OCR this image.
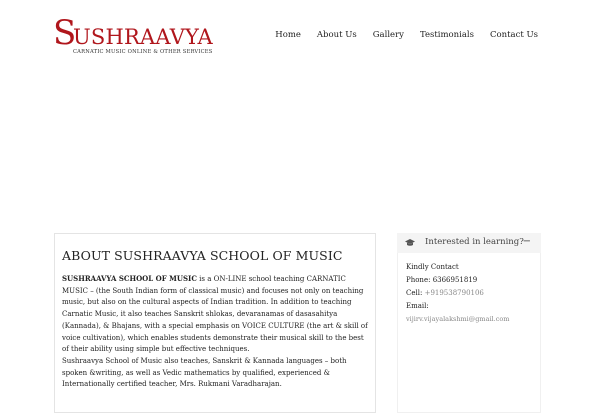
S
USHRAAVYA
CARNATIC MUSIC ONLINE & OTHER SERVICES
Home	About Us	Gallery	Testimonials	Contact Us
ABOUT SUSHRAAVYA SCHOOL OF MUSIC

SUSHRAAVYA SCHOOL OF MUSIC is a ON-LINE school teaching CARNATIC MUSIC – (the South Indian form of classical music) and focuses not only on teaching music, but also on the cultural aspects of Indian tradition. In addition to teaching Carnatic Music, it also teaches Sanskrit shlokas, devaranamas of dasasahitya (Kannada), & Bhajans, with a special emphasis on VOICE CULTURE (the art & skill of voice cultivation), which enables students demonstrate their musical skill to the best of their ability using simple but effective techniques.

Sushraavya School of Music also teaches, Sanskrit & Kannada languages – both spoken &writing, as well as Vedic mathematics by qualified, experienced & Internationally certified teacher, Mrs. Rukmani Varadharajan.

Interested in learning?
−
Kindly Contact
Phone: 6366951819
Cell: +919538790106
Email:
vijirv.vijayalakshmi@gmail.com
